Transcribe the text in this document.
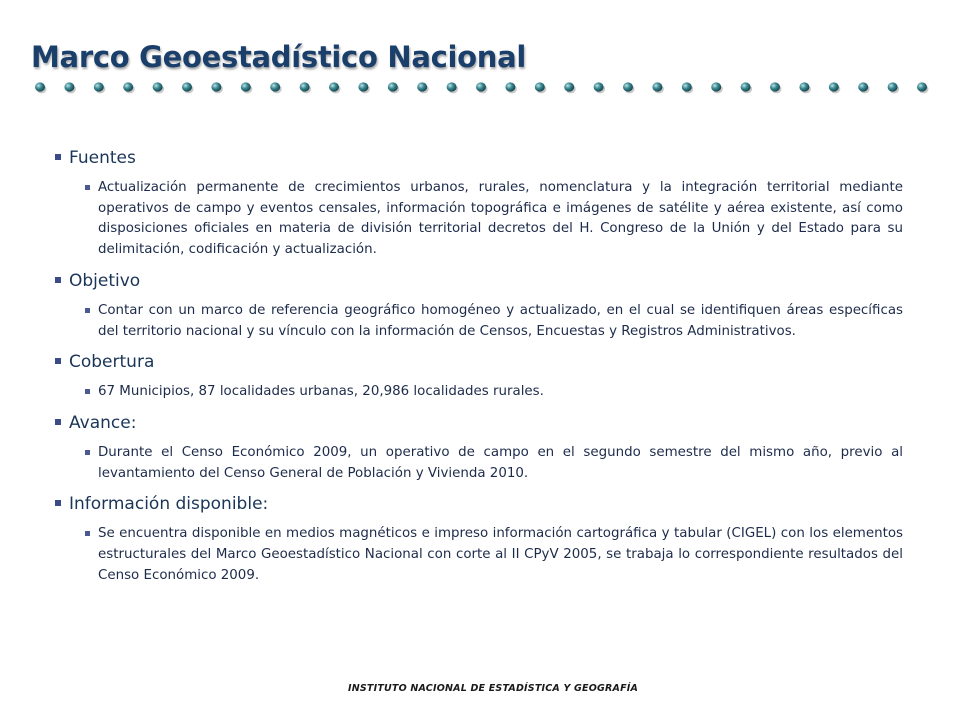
Marco Geoestadístico Nacional
Fuentes
Actualización permanente de crecimientos urbanos, rurales, nomenclatura y la integración territorial mediante operativos de campo y eventos censales, información topográfica e imágenes de satélite y aérea existente, así como disposiciones oficiales en materia de división territorial decretos del H. Congreso de la Unión y del Estado para su delimitación, codificación y actualización.
Objetivo
Contar con un marco de referencia geográfico homogéneo y actualizado, en el cual se identifiquen áreas específicas del territorio nacional y su vínculo con la información de Censos, Encuestas y Registros Administrativos.
Cobertura
67 Municipios, 87 localidades urbanas, 20,986 localidades rurales.
Avance:
Durante el Censo Económico 2009, un operativo de campo en el segundo semestre del mismo año, previo al levantamiento del Censo General de Población y Vivienda 2010.
Información disponible:
Se encuentra disponible en medios magnéticos e impreso información cartográfica y tabular (CIGEL) con los elementos estructurales del Marco Geoestadístico Nacional con corte al II CPyV 2005, se trabaja lo correspondiente resultados del Censo Económico 2009.
INSTITUTO NACIONAL DE ESTADÍSTICA Y GEOGRAFÍA
